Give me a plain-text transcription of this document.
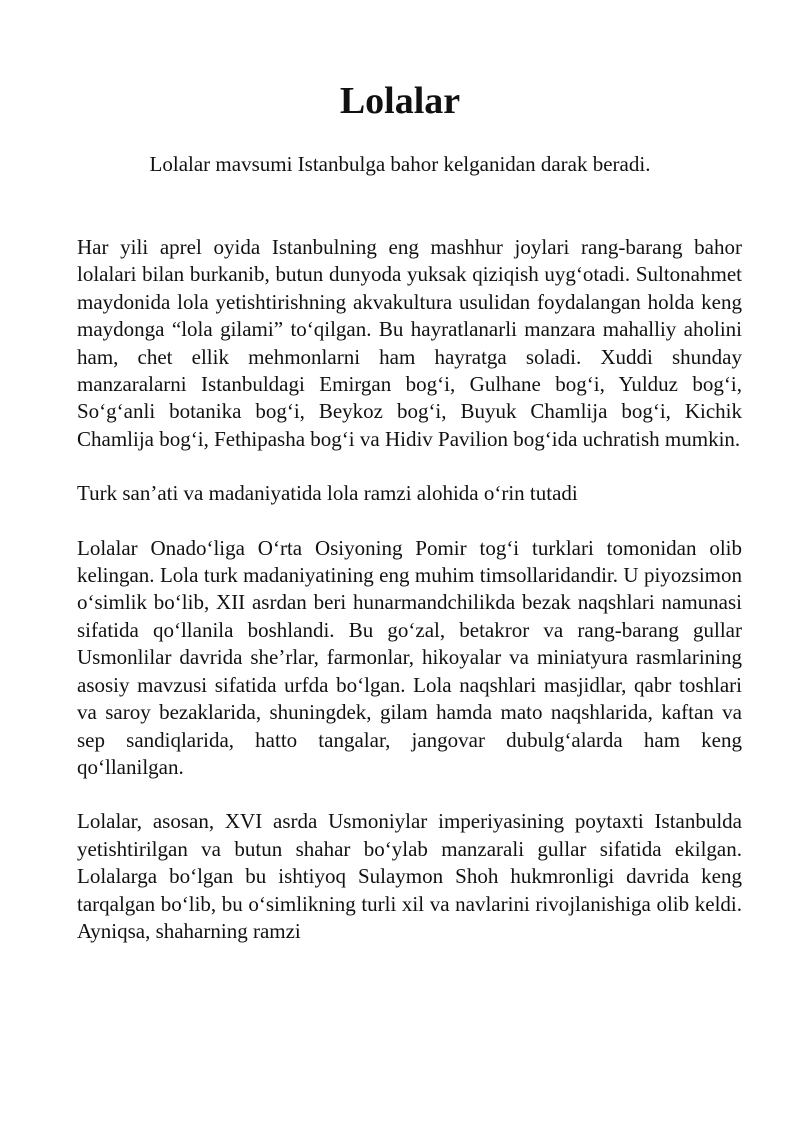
Lolalar

Lolalar mavsumi Istanbulga bahor kelganidan darak beradi.

Har yili aprel oyida Istanbulning eng mashhur joylari rang-barang bahor lolalari bilan burkanib, butun dunyoda yuksak qiziqish uyg‘otadi. Sultonahmet maydonida lola yetishtirishning akvakultura usulidan foydalangan holda keng maydonga “lola gilami” to‘qilgan. Bu hayratlanarli manzara mahalliy aholini ham, chet ellik mehmonlarni ham hayratga soladi. Xuddi shunday manzaralarni Istanbuldagi Emirgan bog‘i, Gulhane bog‘i, Yulduz bog‘i, So‘g‘anli botanika bog‘i, Beykoz bog‘i, Buyuk Chamlija bog‘i, Kichik Chamlija bog‘i, Fethipasha bog‘i va Hidiv Pavilion bog‘ida uchratish mumkin.

Turk san’ati va madaniyatida lola ramzi alohida o‘rin tutadi

Lolalar Onado‘liga O‘rta Osiyoning Pomir tog‘i turklari tomonidan olib kelingan. Lola turk madaniyatining eng muhim timsollaridandir. U piyozsimon o‘simlik bo‘lib, XII asrdan beri hunarmandchilikda bezak naqshlari namunasi sifatida qo‘llanila boshlandi. Bu go‘zal, betakror va rang-barang gullar Usmonlilar davrida she’rlar, farmonlar, hikoyalar va miniatyura rasmlarining asosiy mavzusi sifatida urfda bo‘lgan. Lola naqshlari masjidlar, qabr toshlari va saroy bezaklarida, shuningdek, gilam hamda mato naqshlarida, kaftan va sep sandiqlarida, hatto tangalar, jangovar dubulg‘alarda ham keng qo‘llanilgan.

Lolalar, asosan, XVI asrda Usmoniylar imperiyasining poytaxti Istanbulda yetishtirilgan va butun shahar bo‘ylab manzarali gullar sifatida ekilgan. Lolalarga bo‘lgan bu ishtiyoq Sulaymon Shoh hukmronligi davrida keng tarqalgan bo‘lib, bu o‘simlikning turli xil va navlarini rivojlanishiga olib keldi. Ayniqsa, shaharning ramzi
